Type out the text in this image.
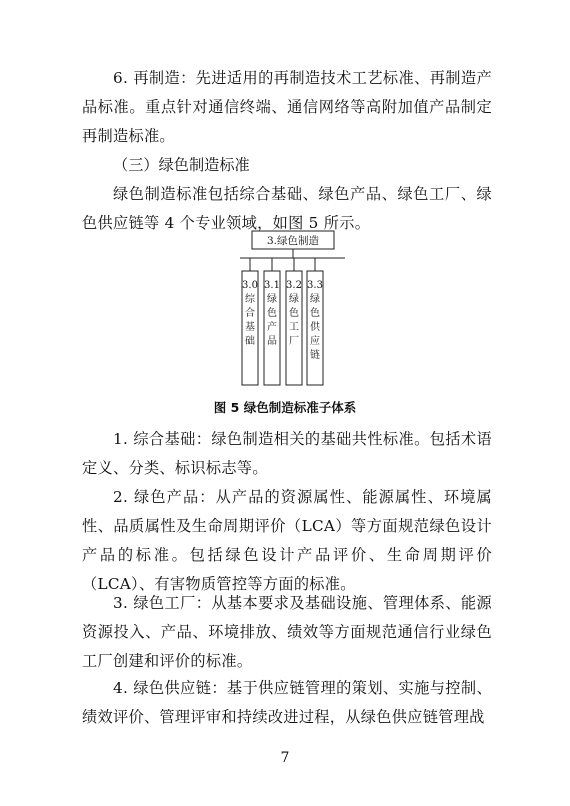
6. 再制造：先进适用的再制造技术工艺标准、再制造产品标准。重点针对通信终端、通信网络等高附加值产品制定再制造标准。

（三）绿色制造标准

绿色制造标准包括综合基础、绿色产品、绿色工厂、绿色供应链等 4 个专业领域，如图 5 所示。

3.绿色制造
3.0
综
合
基
础
3.1
绿
色
产
品
3.2
绿
色
工
厂
3.3
绿
色
供
应
链

图 5 绿色制造标准子体系

1. 综合基础：绿色制造相关的基础共性标准。包括术语定义、分类、标识标志等。

2. 绿色产品：从产品的资源属性、能源属性、环境属性、品质属性及生命周期评价（LCA）等方面规范绿色设计产品的标准。包括绿色设计产品评价、生命周期评价（LCA）、有害物质管控等方面的标准。

3. 绿色工厂：从基本要求及基础设施、管理体系、能源资源投入、产品、环境排放、绩效等方面规范通信行业绿色工厂创建和评价的标准。

4. 绿色供应链：基于供应链管理的策划、实施与控制、绩效评价、管理评审和持续改进过程，从绿色供应链管理战

7
